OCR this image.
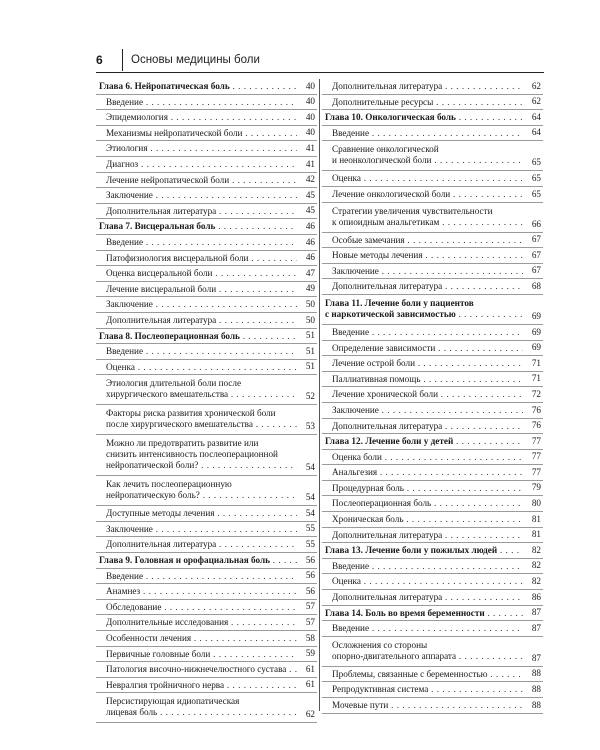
6	Основы медицины боли
Глава 6. Нейропатическая боль . . .	40
Введение . . .	40
Эпидемиология . . .	40
Механизмы нейропатической боли . . .	40
Этиология . . .	41
Диагноз . . .	41
Лечение нейропатической боли . . .	42
Заключение . . .	45
Дополнительная литература . . .	45
Глава 7. Висцеральная боль . . .	46
Введение . . .	46
Патофизиология висцеральной боли . . .	46
Оценка висцеральной боли . . .	47
Лечение висцеральной боли . . .	49
Заключение . . .	50
Дополнительная литература . . .	50
Глава 8. Послеоперационная боль . . .	51
Введение . . .	51
Оценка . . .	51
Этиология длительной боли после
хирургического вмешательства . . .	52
Факторы риска развития хронической боли
после хирургического вмешательства . . .	53
Можно ли предотвратить развитие или
снизить интенсивность послеоперационной
нейропатической боли? . . .	54
Как лечить послеоперационную
нейропатическую боль? . . .	54
Доступные методы лечения . . .	54
Заключение . . .	55
Дополнительная литература . . .	55
Глава 9. Головная и орофациальная боль . . .	56
Введение . . .	56
Анамнез . . .	56
Обследование . . .	57
Дополнительные исследования . . .	57
Особенности лечения . . .	58
Первичные головные боли . . .	59
Патология височно-нижнечелюстного сустава . . .	61
Невралгия тройничного нерва . . .	61
Персистирующая идиопатическая
лицевая боль . . .	62
Дополнительная литература . . .	62
Дополнительные ресурсы . . .	62
Глава 10. Онкологическая боль . . .	64
Введение . . .	64
Сравнение онкологической
и неонкологической боли . . .	65
Оценка . . .	65
Лечение онкологической боли . . .	65
Стратегии увеличения чувствительности
к опиоидным анальгетикам . . .	66
Особые замечания . . .	67
Новые методы лечения . . .	67
Заключение . . .	67
Дополнительная литература . . .	68
Глава 11. Лечение боли у пациентов
с наркотической зависимостью . . .	69
Введение . . .	69
Определение зависимости . . .	69
Лечение острой боли . . .	71
Паллиативная помощь . . .	71
Лечение хронической боли . . .	72
Заключение . . .	76
Дополнительная литература . . .	76
Глава 12. Лечение боли у детей . . .	77
Оценка боли . . .	77
Анальгезия . . .	77
Процедурная боль . . .	79
Послеоперационная боль . . .	80
Хроническая боль . . .	81
Дополнительная литература . . .	81
Глава 13. Лечение боли у пожилых людей . . .	82
Введение . . .	82
Оценка . . .	82
Дополнительная литература . . .	86
Глава 14. Боль во время беременности . . .	87
Введение . . .	87
Осложнения со стороны
опорно-двигательного аппарата . . .	87
Проблемы, связанные с беременностью . . .	88
Репродуктивная система . . .	88
Мочевые пути . . .	88
